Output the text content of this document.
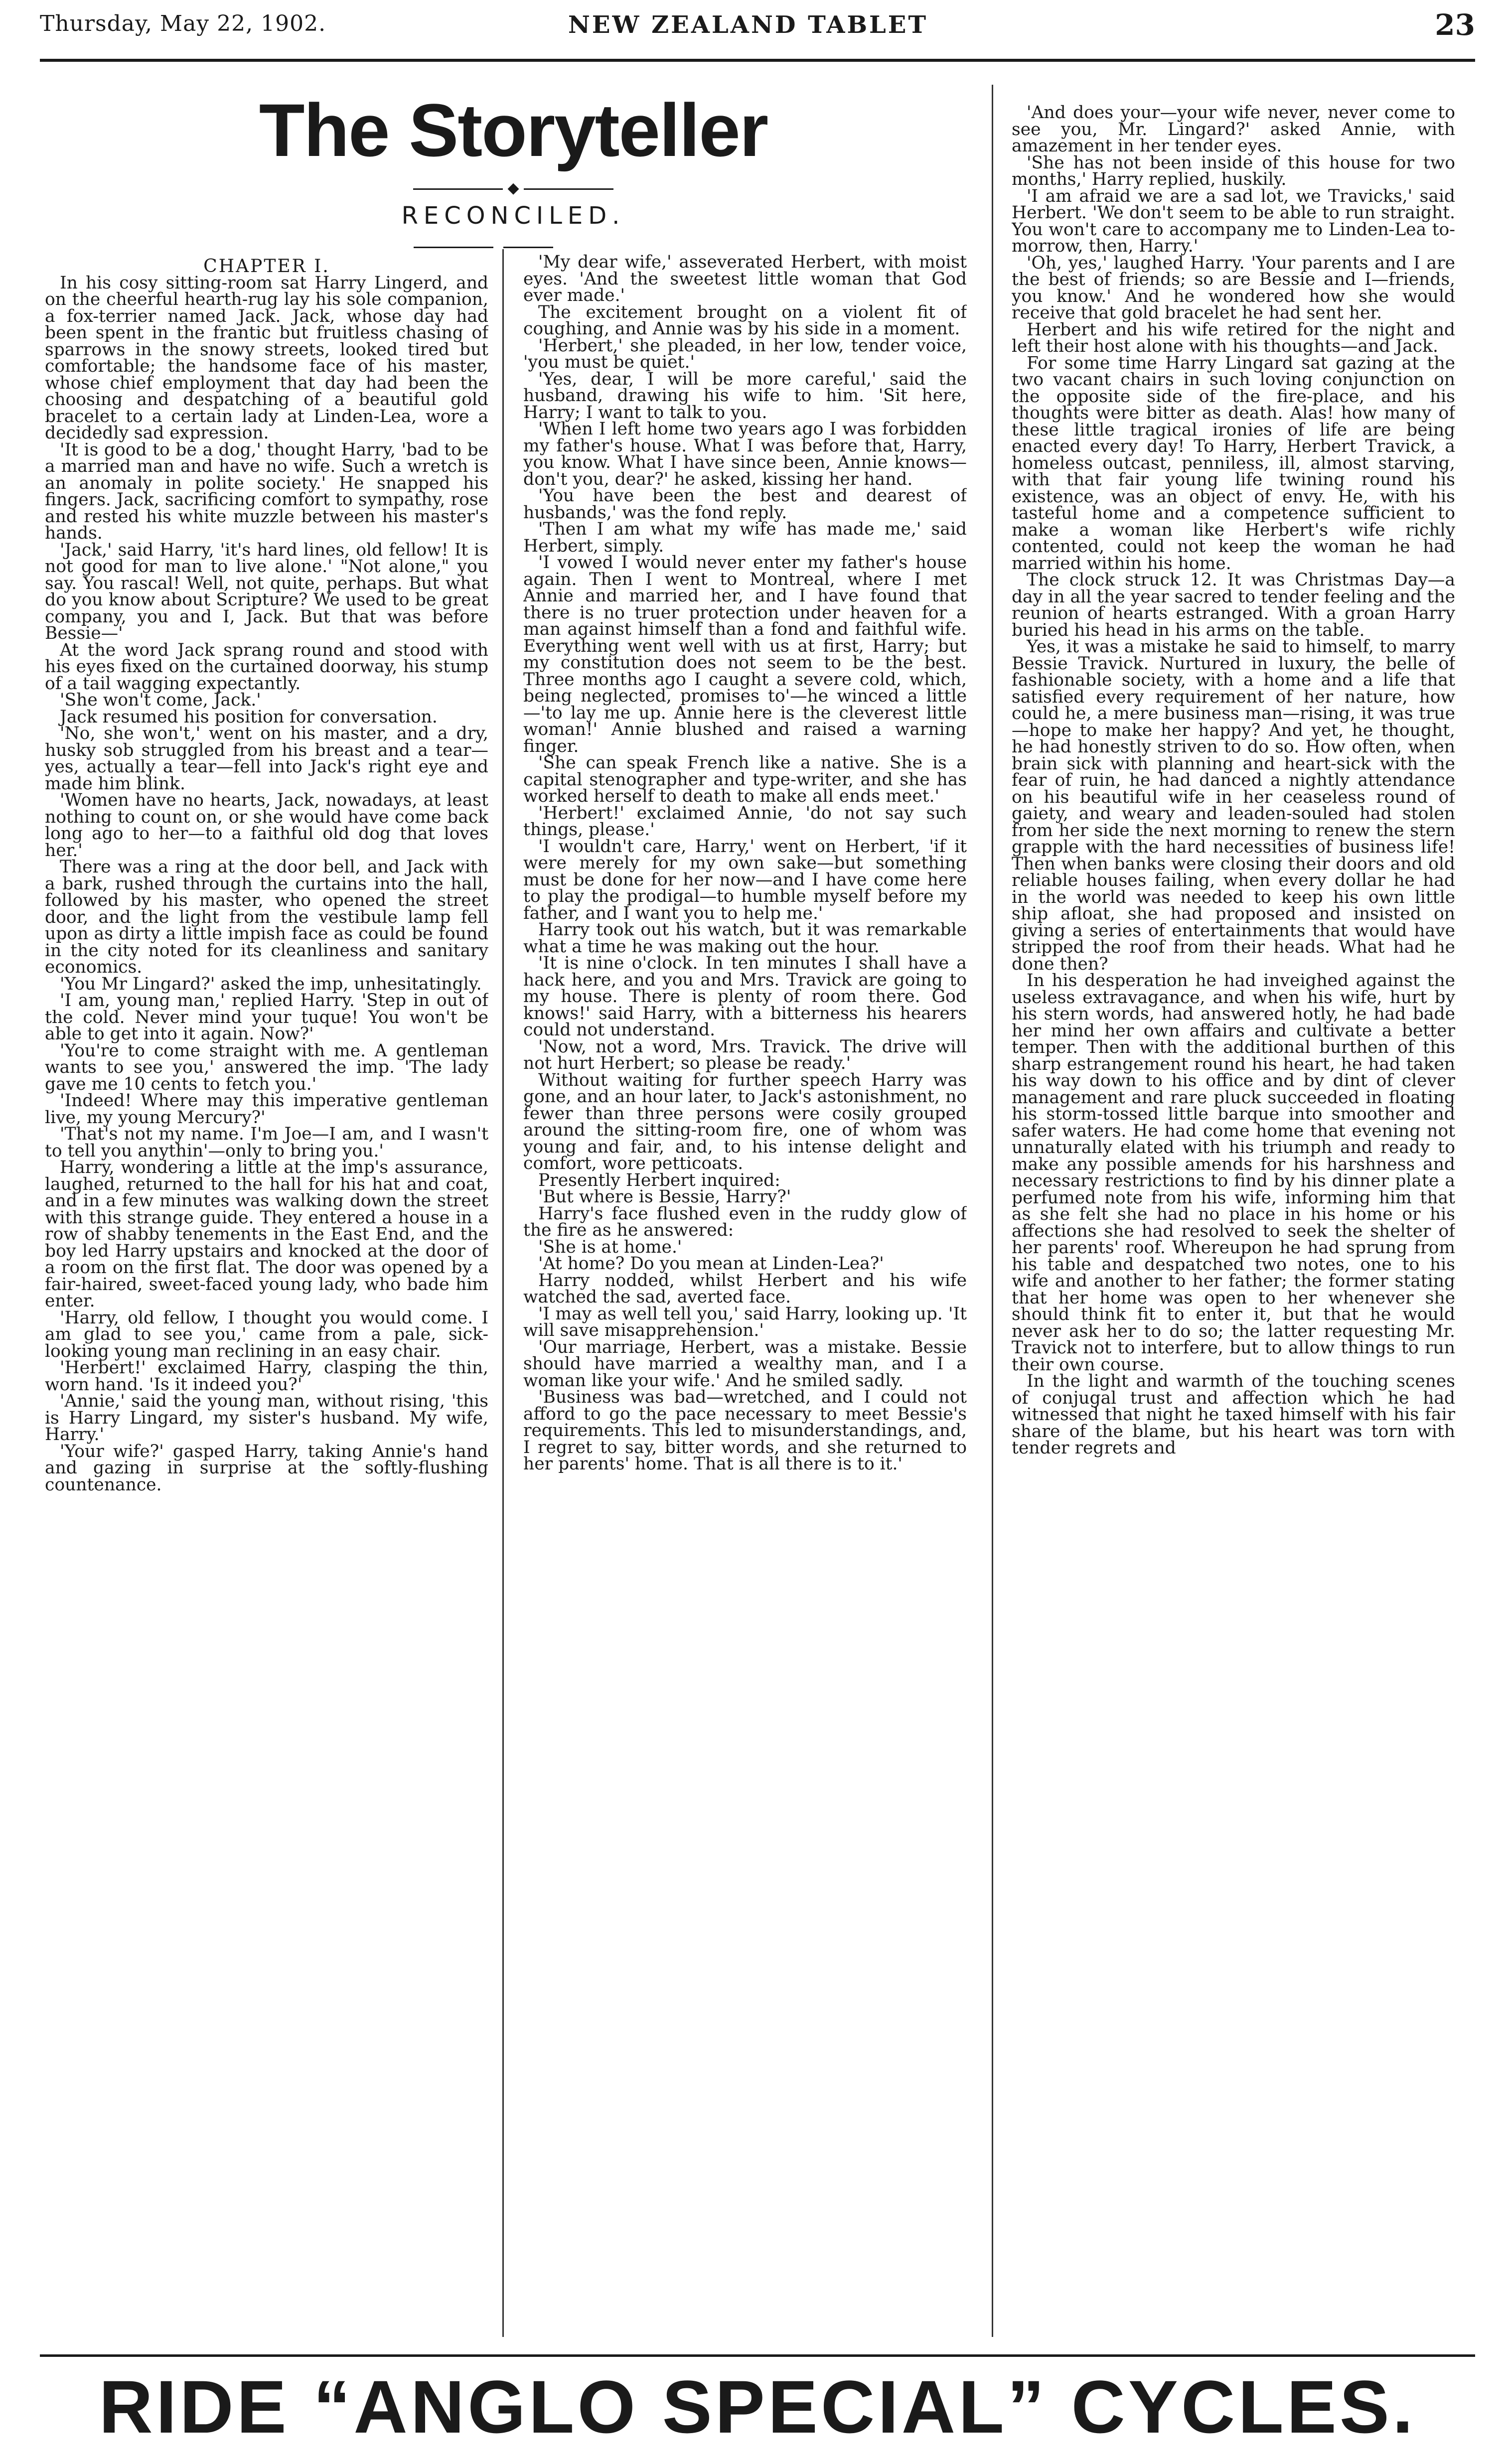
Thursday, May 22, 1902.	NEW ZEALAND TABLET	23
The Storyteller
◆
RECONCILED.

CHAPTER I.

In his cosy sitting-room sat Harry Lingerd, and on the cheerful hearth-rug lay his sole companion, a fox-terrier named Jack. Jack, whose day had been spent in the frantic but fruitless chasing of sparrows in the snowy streets, looked tired but comfortable; the handsome face of his master, whose chief employment that day had been the choosing and despatching of a beautiful gold bracelet to a certain lady at Linden-Lea, wore a decidedly sad expression.

'It is good to be a dog,' thought Harry, 'bad to be a married man and have no wife. Such a wretch is an anomaly in polite society.' He snapped his fingers. Jack, sacrificing comfort to sympathy, rose and rested his white muzzle between his master's hands.

'Jack,' said Harry, 'it's hard lines, old fellow! It is not good for man to live alone.' "Not alone," you say. You rascal! Well, not quite, perhaps. But what do you know about Scripture? We used to be great company, you and I, Jack. But that was before Bessie—'

At the word Jack sprang round and stood with his eyes fixed on the curtained doorway, his stump of a tail wagging expectantly.

'She won't come, Jack.'

Jack resumed his position for conversation.

'No, she won't,' went on his master, and a dry, husky sob struggled from his breast and a tear—yes, actually a tear—fell into Jack's right eye and made him blink.

'Women have no hearts, Jack, nowadays, at least nothing to count on, or she would have come back long ago to her—to a faithful old dog that loves her.'

There was a ring at the door bell, and Jack with a bark, rushed through the curtains into the hall, followed by his master, who opened the street door, and the light from the vestibule lamp fell upon as dirty a little impish face as could be found in the city noted for its cleanliness and sanitary economics.

'You Mr Lingard?' asked the imp, unhesitatingly.

'I am, young man,' replied Harry. 'Step in out of the cold. Never mind your tuque! You won't be able to get into it again. Now?'

'You're to come straight with me. A gentleman wants to see you,' answered the imp. 'The lady gave me 10 cents to fetch you.'

'Indeed! Where may this imperative gentleman live, my young Mercury?'

'That's not my name. I'm Joe—I am, and I wasn't to tell you anythin'—only to bring you.'

Harry, wondering a little at the imp's assurance, laughed, returned to the hall for his hat and coat, and in a few minutes was walking down the street with this strange guide. They entered a house in a row of shabby tenements in the East End, and the boy led Harry upstairs and knocked at the door of a room on the first flat. The door was opened by a fair-haired, sweet-faced young lady, who bade him enter.

'Harry, old fellow, I thought you would come. I am glad to see you,' came from a pale, sick-looking young man reclining in an easy chair.

'Herbert!' exclaimed Harry, clasping the thin, worn hand. 'Is it indeed you?'

'Annie,' said the young man, without rising, 'this is Harry Lingard, my sister's husband. My wife, Harry.'

'Your wife?' gasped Harry, taking Annie's hand and gazing in surprise at the softly-flushing countenance.

'My dear wife,' asseverated Herbert, with moist eyes. 'And the sweetest little woman that God ever made.'

The excitement brought on a violent fit of coughing, and Annie was by his side in a moment.

'Herbert,' she pleaded, in her low, tender voice, 'you must be quiet.'

'Yes, dear, I will be more careful,' said the husband, drawing his wife to him. 'Sit here, Harry; I want to talk to you.

'When I left home two years ago I was forbidden my father's house. What I was before that, Harry, you know. What I have since been, Annie knows—don't you, dear?' he asked, kissing her hand.

'You have been the best and dearest of husbands,' was the fond reply.

'Then I am what my wife has made me,' said Herbert, simply.

'I vowed I would never enter my father's house again. Then I went to Montreal, where I met Annie and married her, and I have found that there is no truer protection under heaven for a man against himself than a fond and faithful wife. Everything went well with us at first, Harry; but my constitution does not seem to be the best. Three months ago I caught a severe cold, which, being neglected, promises to'—he winced a little—'to lay me up. Annie here is the cleverest little woman!' Annie blushed and raised a warning finger.

'She can speak French like a native. She is a capital stenographer and type-writer, and she has worked herself to death to make all ends meet.'

'Herbert!' exclaimed Annie, 'do not say such things, please.'

'I wouldn't care, Harry,' went on Herbert, 'if it were merely for my own sake—but something must be done for her now—and I have come here to play the prodigal—to humble myself before my father, and I want you to help me.'

Harry took out his watch, but it was remarkable what a time he was making out the hour.

'It is nine o'clock. In ten minutes I shall have a hack here, and you and Mrs. Travick are going to my house. There is plenty of room there. God knows!' said Harry, with a bitterness his hearers could not understand.

'Now, not a word, Mrs. Travick. The drive will not hurt Herbert; so please be ready.'

Without waiting for further speech Harry was gone, and an hour later, to Jack's astonishment, no fewer than three persons were cosily grouped around the sitting-room fire, one of whom was young and fair, and, to his intense delight and comfort, wore petticoats.

Presently Herbert inquired:

'But where is Bessie, Harry?'

Harry's face flushed even in the ruddy glow of the fire as he answered:

'She is at home.'

'At home? Do you mean at Linden-Lea?'

Harry nodded, whilst Herbert and his wife watched the sad, averted face.

'I may as well tell you,' said Harry, looking up. 'It will save misapprehension.'

'Our marriage, Herbert, was a mistake. Bessie should have married a wealthy man, and I a woman like your wife.' And he smiled sadly.

'Business was bad—wretched, and I could not afford to go the pace necessary to meet Bessie's requirements. This led to misunderstandings, and, I regret to say, bitter words, and she returned to her parents' home. That is all there is to it.'

'And does your—your wife never, never come to see you, Mr. Lingard?' asked Annie, with amazement in her tender eyes.

'She has not been inside of this house for two months,' Harry replied, huskily.

'I am afraid we are a sad lot, we Travicks,' said Herbert. 'We don't seem to be able to run straight. You won't care to accompany me to Linden-Lea to-morrow, then, Harry.'

'Oh, yes,' laughed Harry. 'Your parents and I are the best of friends; so are Bessie and I—friends, you know.' And he wondered how she would receive that gold bracelet he had sent her.

Herbert and his wife retired for the night and left their host alone with his thoughts—and Jack.

For some time Harry Lingard sat gazing at the two vacant chairs in such loving conjunction on the opposite side of the fire-place, and his thoughts were bitter as death. Alas! how many of these little tragical ironies of life are being enacted every day! To Harry, Herbert Travick, a homeless outcast, penniless, ill, almost starving, with that fair young life twining round his existence, was an object of envy. He, with his tasteful home and a competence sufficient to make a woman like Herbert's wife richly contented, could not keep the woman he had married within his home.

The clock struck 12. It was Christmas Day—a day in all the year sacred to tender feeling and the reunion of hearts estranged. With a groan Harry buried his head in his arms on the table.

Yes, it was a mistake he said to himself, to marry Bessie Travick. Nurtured in luxury, the belle of fashionable society, with a home and a life that satisfied every requirement of her nature, how could he, a mere business man—rising, it was true—hope to make her happy? And yet, he thought, he had honestly striven to do so. How often, when brain sick with planning and heart-sick with the fear of ruin, he had danced a nightly attendance on his beautiful wife in her ceaseless round of gaiety, and weary and leaden-souled had stolen from her side the next morning to renew the stern grapple with the hard necessities of business life! Then when banks were closing their doors and old reliable houses failing, when every dollar he had in the world was needed to keep his own little ship afloat, she had proposed and insisted on giving a series of entertainments that would have stripped the roof from their heads. What had he done then?

In his desperation he had inveighed against the useless extravagance, and when his wife, hurt by his stern words, had answered hotly, he had bade her mind her own affairs and cultivate a better temper. Then with the additional burthen of this sharp estrangement round his heart, he had taken his way down to his office and by dint of clever management and rare pluck succeeded in floating his storm-tossed little barque into smoother and safer waters. He had come home that evening not unnaturally elated with his triumph and ready to make any possible amends for his harshness and necessary restrictions to find by his dinner plate a perfumed note from his wife, informing him that as she felt she had no place in his home or his affections she had resolved to seek the shelter of her parents' roof. Whereupon he had sprung from his table and despatched two notes, one to his wife and another to her father; the former stating that her home was open to her whenever she should think fit to enter it, but that he would never ask her to do so; the latter requesting Mr. Travick not to interfere, but to allow things to run their own course.

In the light and warmth of the touching scenes of conjugal trust and affection which he had witnessed that night he taxed himself with his fair share of the blame, but his heart was torn with tender regrets and

RIDE “ANGLO SPECIAL” CYCLES.
